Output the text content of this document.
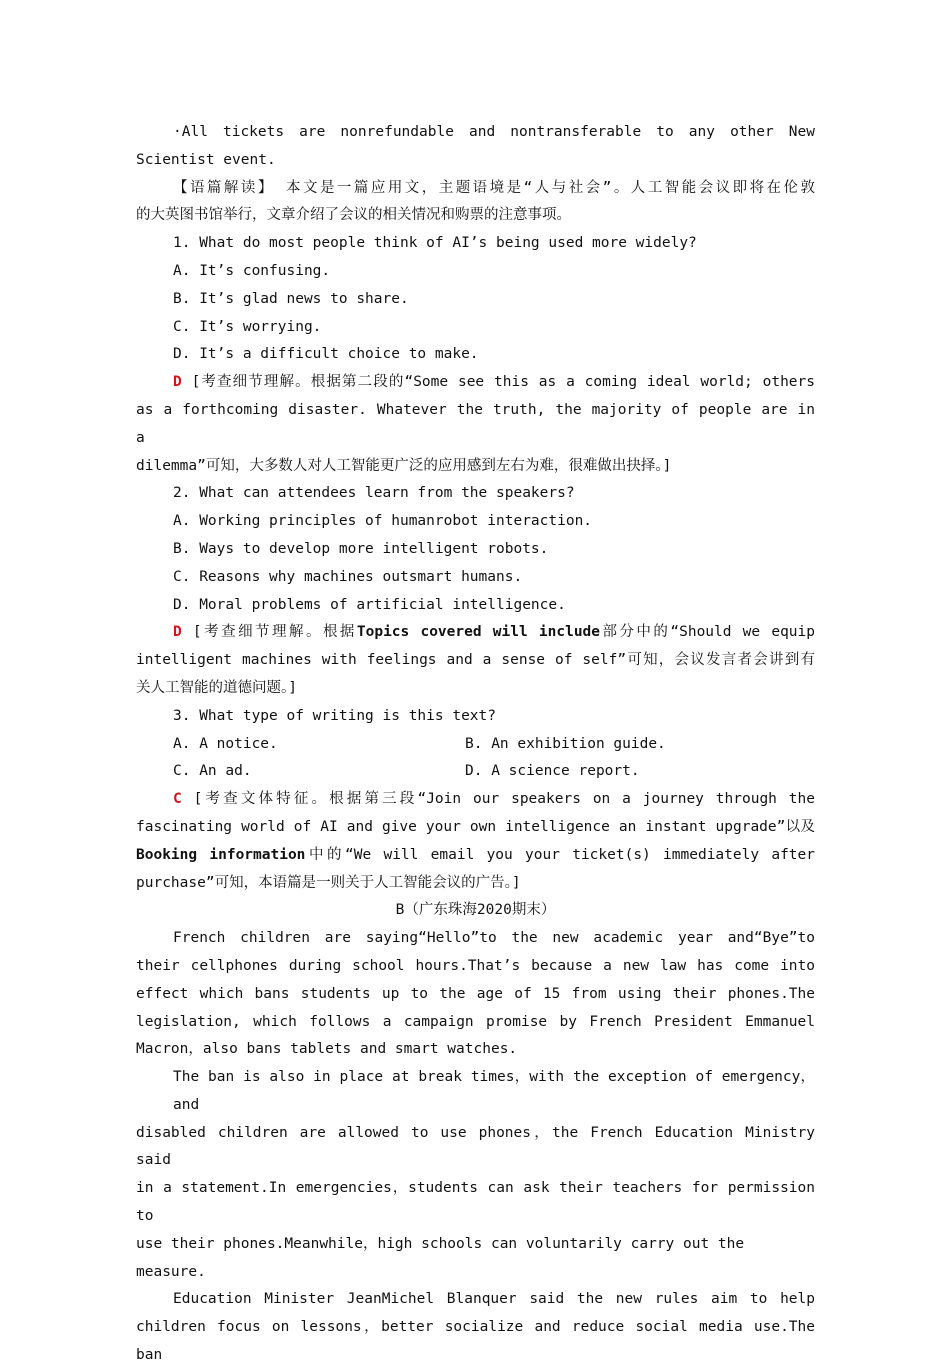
·All tickets are nonrefundable and nontransferable to any other New

Scientist event.

【语篇解读】 本文是一篇应用文，主题语境是“人与社会”。人工智能会议即将在伦敦

的大英图书馆举行，文章介绍了会议的相关情况和购票的注意事项。

1. What do most people think of AI’s being used more widely?

A. It’s confusing.

B. It’s glad news to share.

C. It’s worrying.

D. It’s a difficult choice to make.

D [考查细节理解。根据第二段的“Some see this as a coming ideal world; others

as a forthcoming disaster. Whatever the truth, the majority of people are in a

dilemma”可知，大多数人对人工智能更广泛的应用感到左右为难，很难做出抉择。]

2. What can attendees learn from the speakers?

A. Working principles of humanrobot interaction.

B. Ways to develop more intelligent robots.

C. Reasons why machines outsmart humans.

D. Moral problems of artificial intelligence.

D [考查细节理解。根据Topics covered will include部分中的“Should we equip

intelligent machines with feelings and a sense of self”可知，会议发言者会讲到有

关人工智能的道德问题。]

3. What type of writing is this text?

A. A notice.	B. An exhibition guide.
C. An ad.	D. A science report.

C [考查文体特征。根据第三段“Join our speakers on a journey through the

fascinating world of AI and give your own intelligence an instant upgrade”以及

Booking information中的“We will email you your ticket(s) immediately after

purchase”可知，本语篇是一则关于人工智能会议的广告。]

B（广东珠海2020期末）

French children are saying“Hello”to the new academic year and“Bye”to

their cellphones during school hours.That’s because a new law has come into

effect which bans students up to the age of 15 from using their phones.The

legislation, which follows a campaign promise by French President Emmanuel

Macron，also bans tablets and smart watches.

The ban is also in place at break times，with the exception of emergency，and

disabled children are allowed to use phones，the French Education Ministry said

in a statement.In emergencies，students can ask their teachers for permission to

use their phones.Meanwhile，high schools can voluntarily carry out the measure.

Education Minister JeanMichel Blanquer said the new rules aim to help

children focus on lessons，better socialize and reduce social media use.The ban
